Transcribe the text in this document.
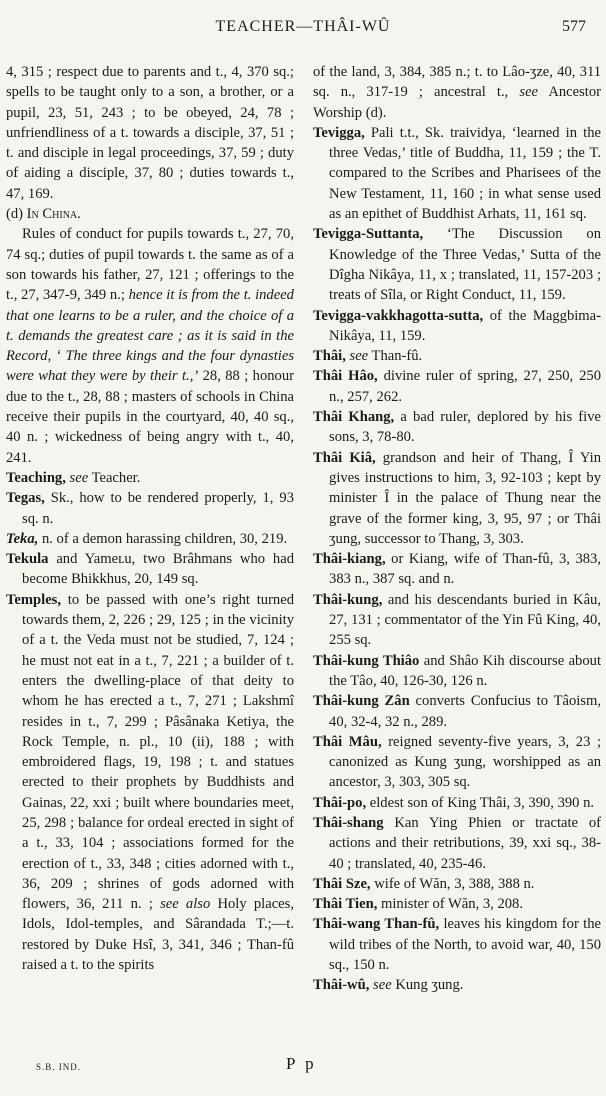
TEACHER—THÂI-WÛ	577

4, 315 ; respect due to parents and t., 4, 370 sq.; spells to be taught only to a son, a brother, or a pupil, 23, 51, 243 ; to be obeyed, 24, 78 ; unfriendliness of a t. towards a disciple, 37, 51 ; t. and disciple in legal proceedings, 37, 59 ; duty of aiding a disciple, 37, 80 ; duties towards t., 47, 169.

(d) In China.

Rules of conduct for pupils towards t., 27, 70, 74 sq.; duties of pupil towards t. the same as of a son towards his father, 27, 121 ; offerings to the t., 27, 347-9, 349 n.; hence it is from the t. indeed that one learns to be a ruler, and the choice of a t. demands the greatest care ; as it is said in the Record, ‘ The three kings and the four dynasties were what they were by their t.,’ 28, 88 ; honour due to the t., 28, 88 ; masters of schools in China receive their pupils in the courtyard, 40, 40 sq., 40 n. ; wickedness of being angry with t., 40, 241.

Teaching, see Teacher.

Tegas, Sk., how to be rendered properly, 1, 93 sq. n.

Teka, n. of a demon harassing children, 30, 219.

Tekula and Yameʟu, two Brâhmans who had become Bhikkhus, 20, 149 sq.

Temples, to be passed with one’s right turned towards them, 2, 226 ; 29, 125 ; in the vicinity of a t. the Veda must not be studied, 7, 124 ; he must not eat in a t., 7, 221 ; a builder of t. enters the dwelling-place of that deity to whom he has erected a t., 7, 271 ; Lakshmî resides in t., 7, 299 ; Pâsânaka Ketiya, the Rock Temple, n. pl., 10 (ii), 188 ; with embroidered flags, 19, 198 ; t. and statues erected to their prophets by Buddhists and Gainas, 22, xxi ; built where boundaries meet, 25, 298 ; balance for ordeal erected in sight of a t., 33, 104 ; associations formed for the erection of t., 33, 348 ; cities adorned with t., 36, 209 ; shrines of gods adorned with flowers, 36, 211 n. ; see also Holy places, Idols, Idol-temples, and Sârandada T.;—t. restored by Duke Hsî, 3, 341, 346 ; Than-fû raised a t. to the spirits

of the land, 3, 384, 385 n.; t. to Lâo-ʒze, 40, 311 sq. n., 317-19 ; ancestral t., see Ancestor Worship (d).

Tevigga, Pali t.t., Sk. traividya, ‘learned in the three Vedas,’ title of Buddha, 11, 159 ; the T. compared to the Scribes and Pharisees of the New Testament, 11, 160 ; in what sense used as an epithet of Buddhist Arhats, 11, 161 sq.

Tevigga-Suttanta, ‘The Discussion on Knowledge of the Three Vedas,’ Sutta of the Dîgha Nikâya, 11, x ; translated, 11, 157-203 ; treats of Sîla, or Right Conduct, 11, 159.

Tevigga-vakkhagotta-sutta, of the Maggbima-Nikâya, 11, 159.

Thâi, see Than-fû.

Thâi Hâo, divine ruler of spring, 27, 250, 250 n., 257, 262.

Thâi Khang, a bad ruler, deplored by his five sons, 3, 78-80.

Thâi Kiâ, grandson and heir of Thang, Î Yin gives instructions to him, 3, 92-103 ; kept by minister Î in the palace of Thung near the grave of the former king, 3, 95, 97 ; or Thâi ʒung, successor to Thang, 3, 303.

Thâi-kiang, or Kiang, wife of Than-fû, 3, 383, 383 n., 387 sq. and n.

Thâi-kung, and his descendants buried in Kâu, 27, 131 ; commentator of the Yin Fû King, 40, 255 sq.

Thâi-kung Thiâo and Shâo Kih discourse about the Tâo, 40, 126-30, 126 n.

Thâi-kung Zân converts Confucius to Tâoism, 40, 32-4, 32 n., 289.

Thâi Mâu, reigned seventy-five years, 3, 23 ; canonized as Kung ʒung, worshipped as an ancestor, 3, 303, 305 sq.

Thâi-po, eldest son of King Thâi, 3, 390, 390 n.

Thâi-shang Kan Ying Phien or tractate of actions and their retributions, 39, xxi sq., 38-40 ; translated, 40, 235-46.

Thâi Sze, wife of Wăn, 3, 388, 388 n.

Thâi Tien, minister of Wăn, 3, 208.

Thâi-wang Than-fû, leaves his kingdom for the wild tribes of the North, to avoid war, 40, 150 sq., 150 n.

Thâi-wû, see Kung ʒung.

S.B. IND.	P p
